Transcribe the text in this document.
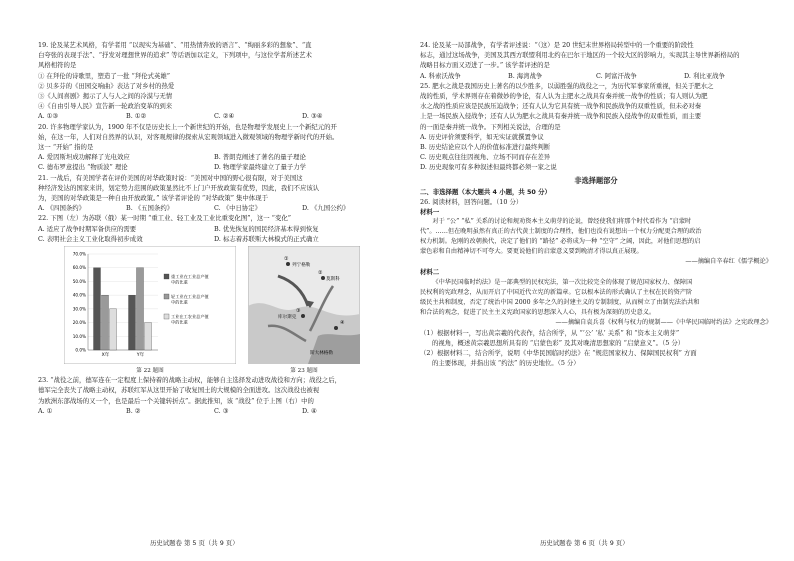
19. 论及某艺术风格，有学者用 “以现实为基础”、“用热情奔放的语言”、“绚丽多彩的想象”、“直

白夸张的表现手法”、“抒发对理想世界的追求” 等话语加以定义，下列项中，与这位学者所述艺术

风格相符的是

① 在拜伦的诗歌里，塑造了一批 “拜伦式英雄”

② 贝多芬的《田园交响曲》表达了对乡村的热爱

③《人间喜剧》揭示了人与人之间的冷漠与无情

④《自由引导人民》宣告新一轮政治变革的到来

A. ①③	B. ①②	C. ②④	D. ③④

20. 许多物理学家认为，1900 年不仅是历史长上一个新世纪的开始，也是物理学发展史上一个新纪元的开

始，在这一年，人们对自然界的认识，对客观规律的探索从宏观领域进入微观领域的物理学新时代的开始。

这一 “开始” 指的是

A. 爱因斯坦成功解释了光电效应	B. 普朗克阐述了著名的量子理论
C. 德布罗意提出 “物质波” 理论	D. 物理学家最终建立了量子力学

21. 一战后，有美国学者在评价美国的对华政策时说：“美国对中国的野心很有限，对于美国这

种经济发达的国家来讲，划定势力范围的政策显然比不上门户开放政策有优势，因此，我们不应该认

为，美国的对华政策是一种自由开放政策。” 该学者评论的 “对华政策” 集中体现于

A. 《四国条约》	B. 《五国条约》	C. 《中日协定》	D. 《九国公约》

22. 下图（左）为苏联（俄）某一时期 “重工业、轻工业及工业比重变化图”，这一 “变化”

A. 适应了战争时期军备供应的需要	B. 优先恢复的国民经济基本得到恢复
C. 表明社会主义工业化取得初步成效	D. 标志着苏联斯大林模式的正式确立
0.0%
10.0%
20.0%
30.0%
40.0%
50.0%
60.0%
70.0%
X年	Y年
重工业在工业总产值
中的比重
轻工业在工业总产值
中的比重
工业在工农业总产值
中的比重
第 22 题图
列宁格勒
莫斯科
库尔斯克
斯大林格勒
①
②
③
④
第 23 题图

23. “战役之前，德军连在一定程度上保持着的战略主动权，能够自主选择发动进攻战役和方向；战役之后，

德军完全丧失了战略主动权，苏联红军从这里开始了收复国土的大规模的全面进攻。这次战役也被视

为欧洲东部战场的又一个，也是最后一个关键转折点”。据此推知，该 “战役” 位于上图（右）中的

A. ①	B. ②	C. ③	D. ④
历史试题卷 第 5 页（共 9 页）

24. 论及某一局部战争，有学者评述说：“（这）是 20 世纪末世界格局转型中的一个重要的阶段性

标志，通过这场战争，美国及其西方联盟利用北约在巴尔干地区的一个较大区的影响力，实现其主导世界新格局的

战略目标方面又迈进了一步。” 该学者评述的是

A. 科索沃战争	B. 海湾战争	C. 阿富汗战争	D. 利比亚战争

25. 肥水之战是我国历史上著名的以少胜多，以弱胜强的战役之一，为历代军事家所重视，但关于肥水之

战的性质，学术界则存在着微妙的争论，有人认为主肥水之战具有秦并统一战争的性质；有人则认为肥

水之战的性质应该是民族压迫战争；还有人认为它具有统一战争和民族战争的双重性质，但未必对秦

上是一场民族入侵战争；还有人认为肥水之战具有秦并统一战争和民族入侵战争的双重性质，而主要

的一面是秦并统一战争。下列相关说法，合理的是

A. 历史评价须要科学，如无实证就撰置争议

B. 历史结论应以个人的价值标准进行最终判断

C. 历史观点往往因视角、立场不同而存在差异

D. 历史现象可有多种叙述但最终都必须一家之说

非选择题部分

二、非选择题（本大题共 4 小题，共 50 分）

26. 阅读材料，回答问题。（10 分）

材料一

对于 “公” “私” 关系的讨论和规劝资本主义萌芽的论说，曾经使我们将那个时代看作为 “启蒙时

代”。……但在晚明虽然有真正的古代黄土制度的合理性，他们也没有说想出一个权力分配更合理的政治

权力机制。危刚的改朝换代，决定了他们的 “路径” 必将成为一种 “空守” 之阔，因此，对他们思想的启

蒙色彩和自由精神切不可夸大。要更说他们的启蒙意义要到晚清才得以真正展现。

——摘编自辛春红《儒学概论》

材料二

《中华民国临时约法》是一部典型的民权宪法，第一次比较完全的体现了规范国家权力、保障国

民权利的宪政理念，从而开启了中国近代立宪的新篇章。它以根本法的形式确认了主权在民的资产阶

级民主共和制度，否定了统治中国 2000 多年之久的封建主义的专制制度，从而树立了由制宪法治共和

和合法的观念，促进了民主主义宪政国家的思想深入人心，具有极为深刻的历史意义。

——摘编自袁兵喜《权利与权力的规制——《中华民国临时约法》之宪政理念》

（1）根据材料一，写出黄宗羲的代表作，结合所学，从 “‘公’ ‘私’ 关系” 和 “资本主义萌芽”

的视角，概述黄宗羲思想所具有的 “启蒙色彩” 及其对晚清思想家的 “启蒙意义”。（5 分）

（2）根据材料二，结合所学，说明《中华民国临时约法》在 “规范国家权力、保障国民权利” 方面

的主要体现，并指出该 “约法” 的历史地位。（5 分）

历史试题卷 第 6 页（共 9 页）
